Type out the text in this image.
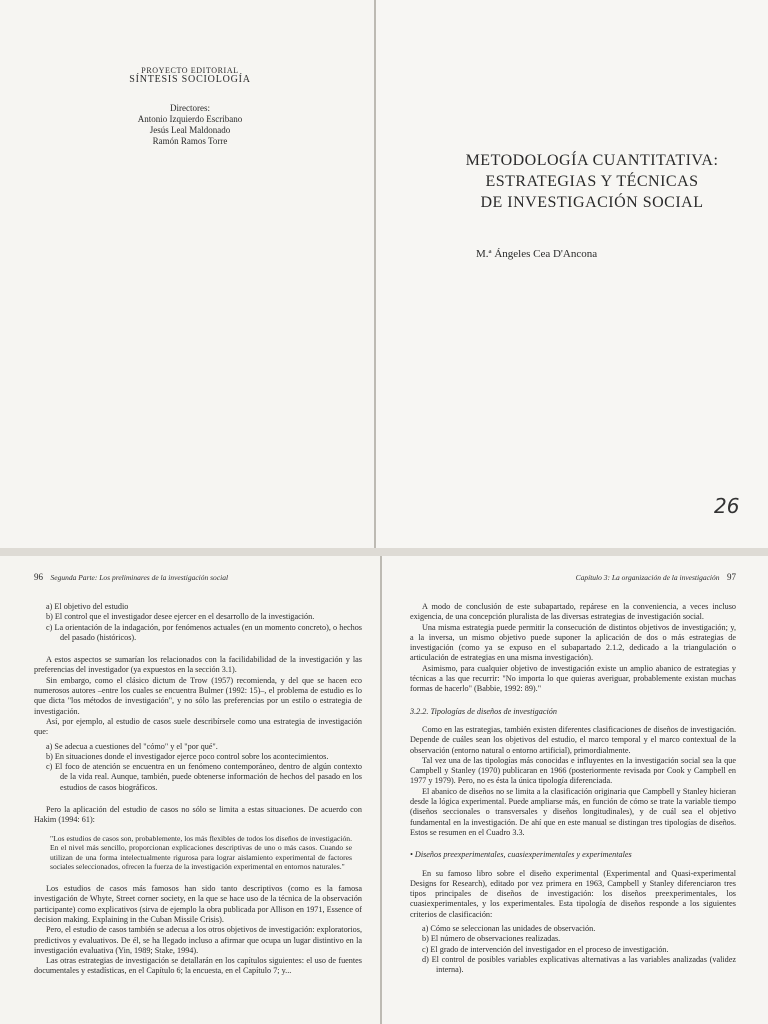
PROYECTO EDITORIAL
SÍNTESIS SOCIOLOGÍA
Directores:
Antonio Izquierdo Escribano
Jesús Leal Maldonado
Ramón Ramos Torre
METODOLOGÍA CUANTITATIVA:
ESTRATEGIAS Y TÉCNICAS
DE INVESTIGACIÓN SOCIAL
M.ª Ángeles Cea D'Ancona
26
96 Segunda Parte: Los preliminares de la investigación social

a) El objetivo del estudio

b) El control que el investigador desee ejercer en el desarrollo de la investigación.

c) La orientación de la indagación, por fenómenos actuales (en un momento concreto), o hechos del pasado (históricos).

A estos aspectos se sumarían los relacionados con la facilidabilidad de la investigación y las preferencias del investigador (ya expuestos en la sección 3.1).

Sin embargo, como el clásico dictum de Trow (1957) recomienda, y del que se hacen eco numerosos autores –entre los cuales se encuentra Bulmer (1992: 15)–, el problema de estudio es lo que dicta "los métodos de investigación", y no sólo las preferencias por un estilo o estrategia de investigación.

Así, por ejemplo, al estudio de casos suele describírsele como una estrategia de investigación que:

a) Se adecua a cuestiones del "cómo" y el "por qué".

b) En situaciones donde el investigador ejerce poco control sobre los acontecimientos.

c) El foco de atención se encuentra en un fenómeno contemporáneo, dentro de algún contexto de la vida real. Aunque, también, puede obtenerse información de hechos del pasado en los estudios de casos biográficos.

Pero la aplicación del estudio de casos no sólo se limita a estas situaciones. De acuerdo con Hakim (1994: 61):

"Los estudios de casos son, probablemente, los más flexibles de todos los diseños de investigación. En el nivel más sencillo, proporcionan explicaciones descriptivas de uno o más casos. Cuando se utilizan de una forma intelectualmente rigurosa para lograr aislamiento experimental de factores sociales seleccionados, ofrecen la fuerza de la investigación experimental en entornos naturales."

Los estudios de casos más famosos han sido tanto descriptivos (como es la famosa investigación de Whyte, Street corner society, en la que se hace uso de la técnica de la observación participante) como explicativos (sirva de ejemplo la obra publicada por Allison en 1971, Essence of decision making. Explaining in the Cuban Missile Crisis).

Pero, el estudio de casos también se adecua a los otros objetivos de investigación: exploratorios, predictivos y evaluativos. De él, se ha llegado incluso a afirmar que ocupa un lugar distintivo en la investigación evaluativa (Yin, 1989; Stake, 1994).

Las otras estrategias de investigación se detallarán en los capítulos siguientes: el uso de fuentes documentales y estadísticas, en el Capítulo 6; la encuesta, en el Capítulo 7; y...

Capítulo 3: La organización de la investigación 97

A modo de conclusión de este subapartado, repárese en la conveniencia, a veces incluso exigencia, de una concepción pluralista de las diversas estrategias de investigación social.

Una misma estrategia puede permitir la consecución de distintos objetivos de investigación; y, a la inversa, un mismo objetivo puede suponer la aplicación de dos o más estrategias de investigación (como ya se expuso en el subapartado 2.1.2, dedicado a la triangulación o articulación de estrategias en una misma investigación).

Asimismo, para cualquier objetivo de investigación existe un amplio abanico de estrategias y técnicas a las que recurrir: "No importa lo que quieras averiguar, probablemente existan muchas formas de hacerlo" (Babbie, 1992: 89)."

3.2.2. Tipologías de diseños de investigación

Como en las estrategias, también existen diferentes clasificaciones de diseños de investigación. Depende de cuáles sean los objetivos del estudio, el marco temporal y el marco contextual de la observación (entorno natural o entorno artificial), primordialmente.

Tal vez una de las tipologías más conocidas e influyentes en la investigación social sea la que Campbell y Stanley (1970) publicaran en 1966 (posteriormente revisada por Cook y Campbell en 1977 y 1979). Pero, no es ésta la única tipología diferenciada.

El abanico de diseños no se limita a la clasificación originaria que Campbell y Stanley hicieran desde la lógica experimental. Puede ampliarse más, en función de cómo se trate la variable tiempo (diseños seccionales o transversales y diseños longitudinales), y de cuál sea el objetivo fundamental en la investigación. De ahí que en este manual se distingan tres tipologías de diseños. Estos se resumen en el Cuadro 3.3.

• Diseños preexperimentales, cuasiexperimentales y experimentales

En su famoso libro sobre el diseño experimental (Experimental and Quasi-experimental Designs for Research), editado por vez primera en 1963, Campbell y Stanley diferenciaron tres tipos principales de diseños de investigación: los diseños preexperimentales, los cuasiexperimentales, y los experimentales. Esta tipología de diseños responde a los siguientes criterios de clasificación:

a) Cómo se seleccionan las unidades de observación.

b) El número de observaciones realizadas.

c) El grado de intervención del investigador en el proceso de investigación.

d) El control de posibles variables explicativas alternativas a las variables analizadas (validez interna).
